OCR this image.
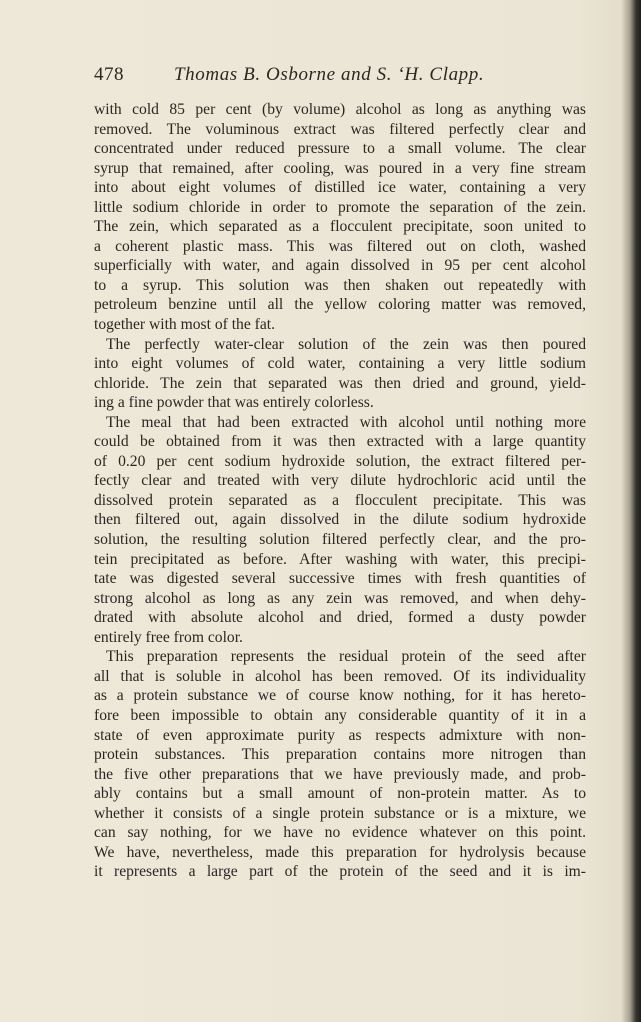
478	Thomas B. Osborne and S. ʻH. Clapp.
with cold 85 per cent (by volume) alcohol as long as anything was
removed. The voluminous extract was filtered perfectly clear and
concentrated under reduced pressure to a small volume. The clear
syrup that remained, after cooling, was poured in a very fine stream
into about eight volumes of distilled ice water, containing a very
little sodium chloride in order to promote the separation of the zein.
The zein, which separated as a flocculent precipitate, soon united to
a coherent plastic mass. This was filtered out on cloth, washed
superficially with water, and again dissolved in 95 per cent alcohol
to a syrup. This solution was then shaken out repeatedly with
petroleum benzine until all the yellow coloring matter was removed,
together with most of the fat.
The perfectly water-clear solution of the zein was then poured
into eight volumes of cold water, containing a very little sodium
chloride. The zein that separated was then dried and ground, yield-
ing a fine powder that was entirely colorless.
The meal that had been extracted with alcohol until nothing more
could be obtained from it was then extracted with a large quantity
of 0.20 per cent sodium hydroxide solution, the extract filtered per-
fectly clear and treated with very dilute hydrochloric acid until the
dissolved protein separated as a flocculent precipitate. This was
then filtered out, again dissolved in the dilute sodium hydroxide
solution, the resulting solution filtered perfectly clear, and the pro-
tein precipitated as before. After washing with water, this precipi-
tate was digested several successive times with fresh quantities of
strong alcohol as long as any zein was removed, and when dehy-
drated with absolute alcohol and dried, formed a dusty powder
entirely free from color.
This preparation represents the residual protein of the seed after
all that is soluble in alcohol has been removed. Of its individuality
as a protein substance we of course know nothing, for it has hereto-
fore been impossible to obtain any considerable quantity of it in a
state of even approximate purity as respects admixture with non-
protein substances. This preparation contains more nitrogen than
the five other preparations that we have previously made, and prob-
ably contains but a small amount of non-protein matter. As to
whether it consists of a single protein substance or is a mixture, we
can say nothing, for we have no evidence whatever on this point.
We have, nevertheless, made this preparation for hydrolysis because
it represents a large part of the protein of the seed and it is im-
